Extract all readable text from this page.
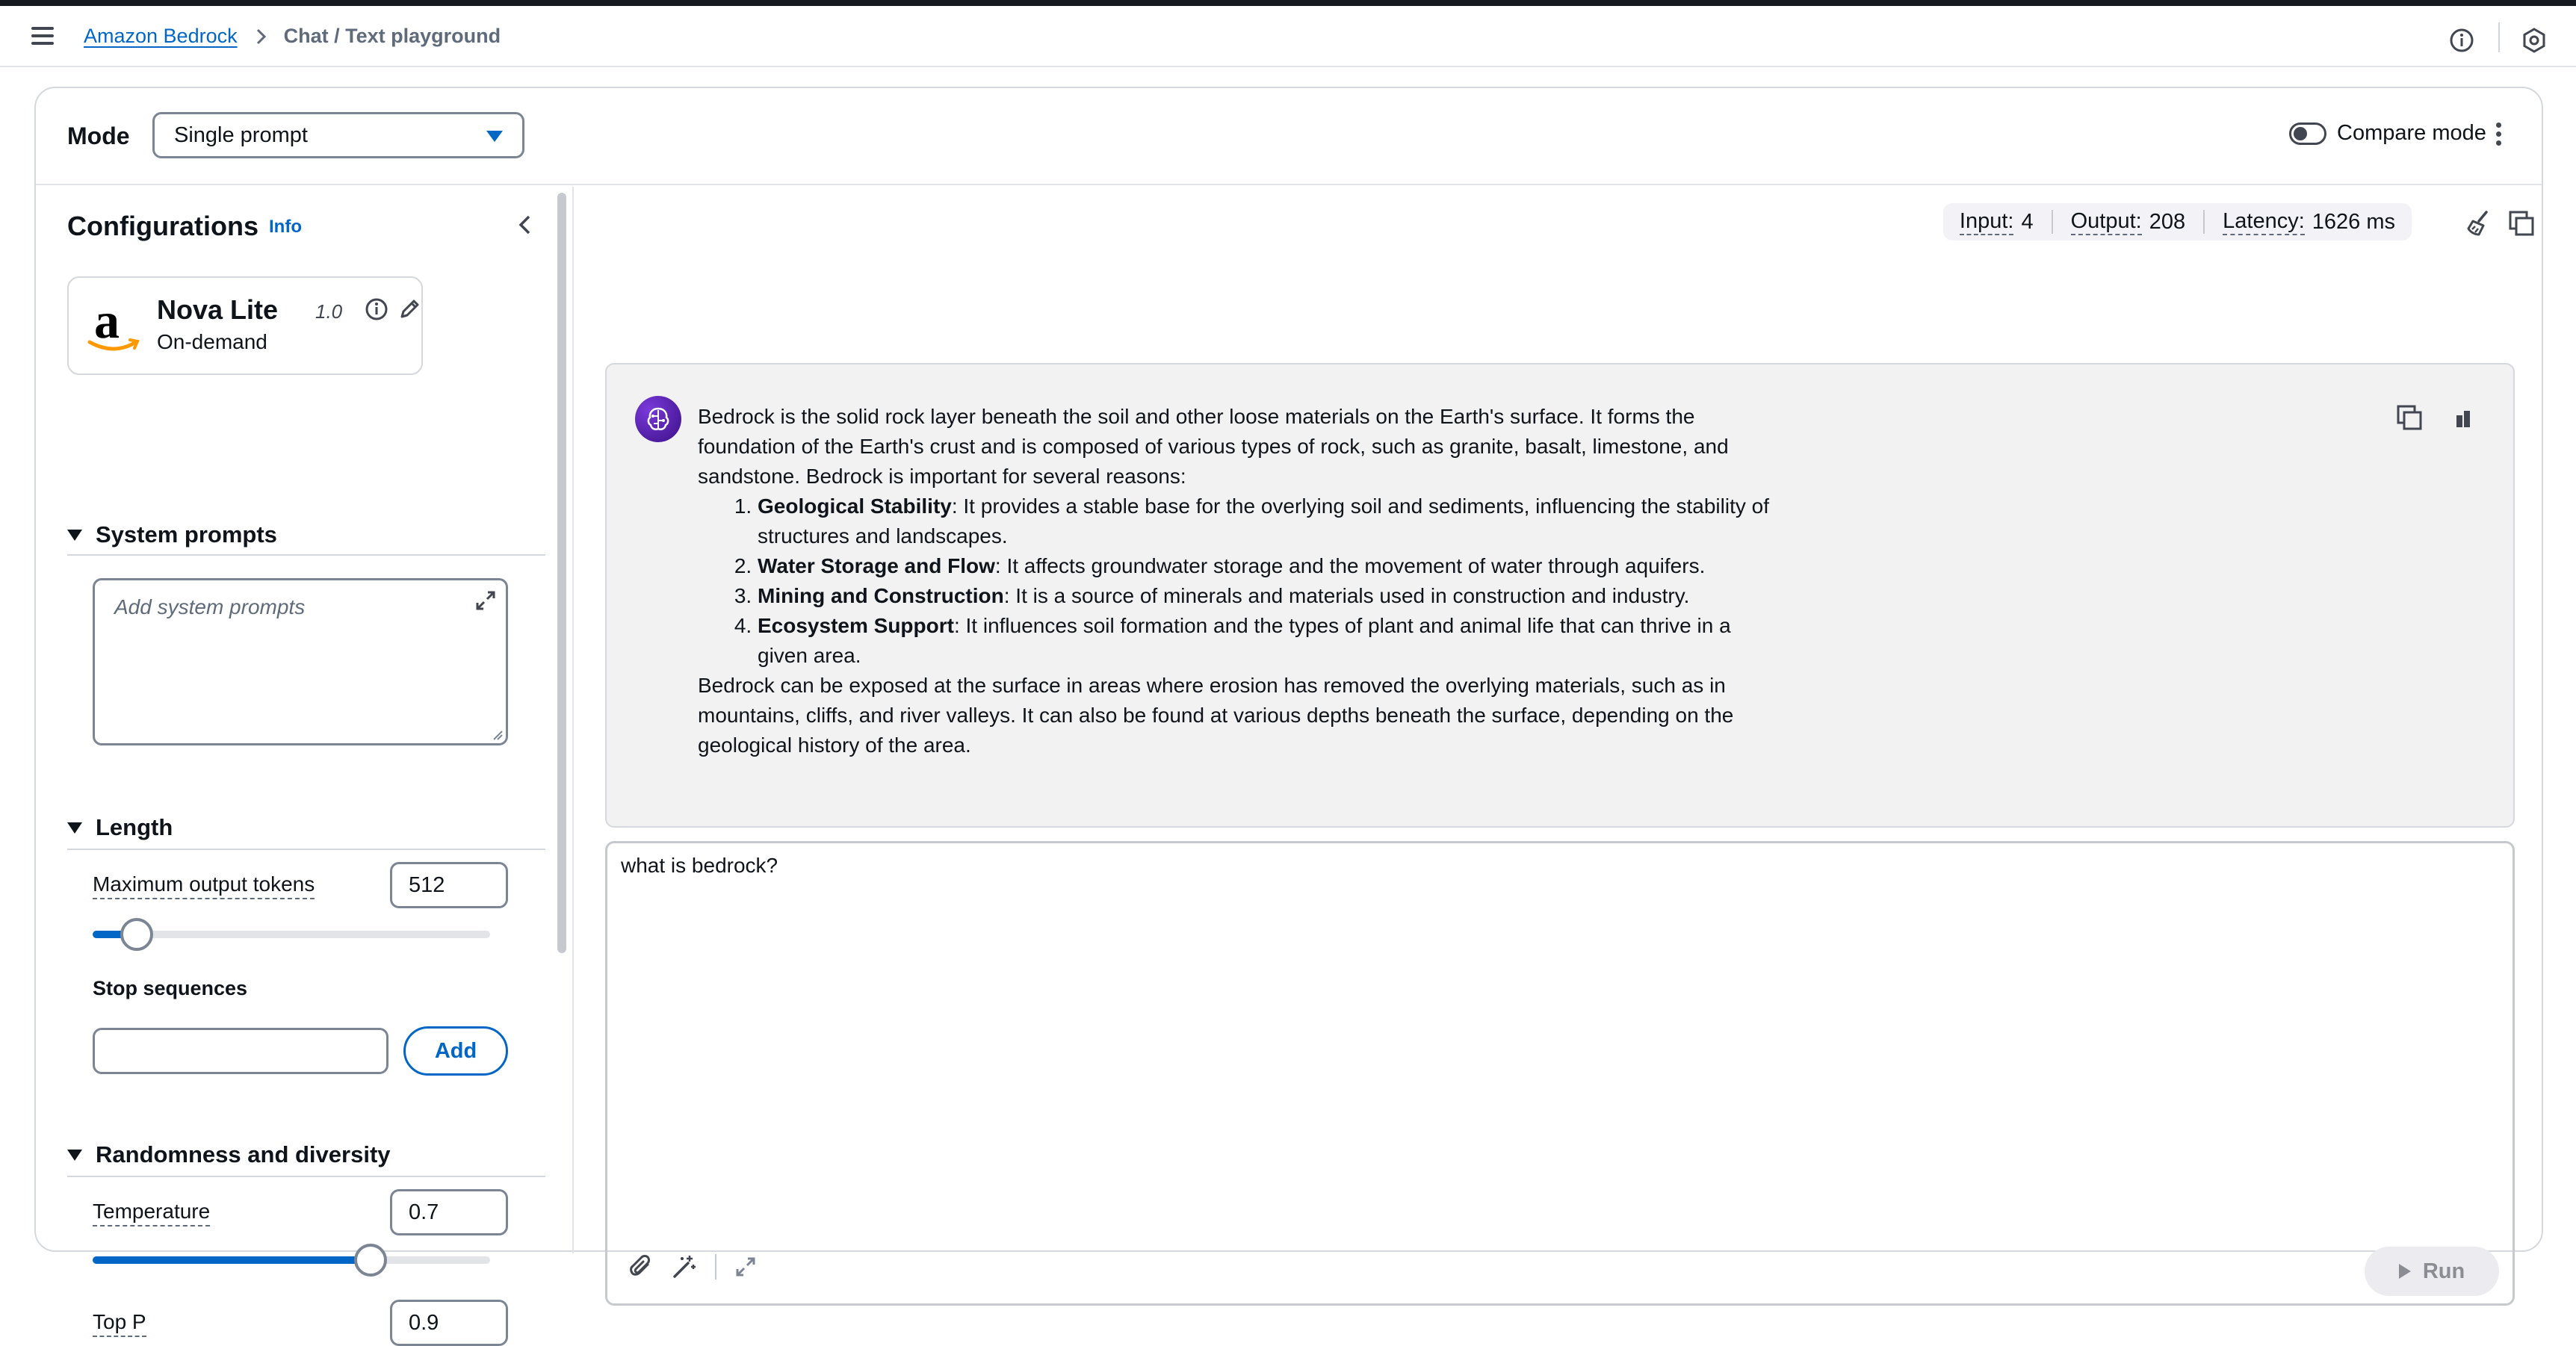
Amazon Bedrock Chat / Text playground
Mode Single prompt	Compare mode
Configurations Info
a Nova Lite 1.0
On-demand
System prompts
Add system prompts
Length
Maximum output tokens	512
Stop sequences
Add
Randomness and diversity
Temperature	0.7
Top P	0.9
Input: 4 Output: 208 Latency: 1626 ms
Bedrock is the solid rock layer beneath the soil and other loose materials on the Earth's surface. It forms the foundation of the Earth's crust and is composed of various types of rock, such as granite, basalt, limestone, and sandstone. Bedrock is important for several reasons:
1. Geological Stability: It provides a stable base for the overlying soil and sediments, influencing the stability of structures and landscapes.
2. Water Storage and Flow: It affects groundwater storage and the movement of water through aquifers.
3. Mining and Construction: It is a source of minerals and materials used in construction and industry.
4. Ecosystem Support: It influences soil formation and the types of plant and animal life that can thrive in a given area.
Bedrock can be exposed at the surface in areas where erosion has removed the overlying materials, such as in mountains, cliffs, and river valleys. It can also be found at various depths beneath the surface, depending on the geological history of the area.
what is bedrock?
Run
